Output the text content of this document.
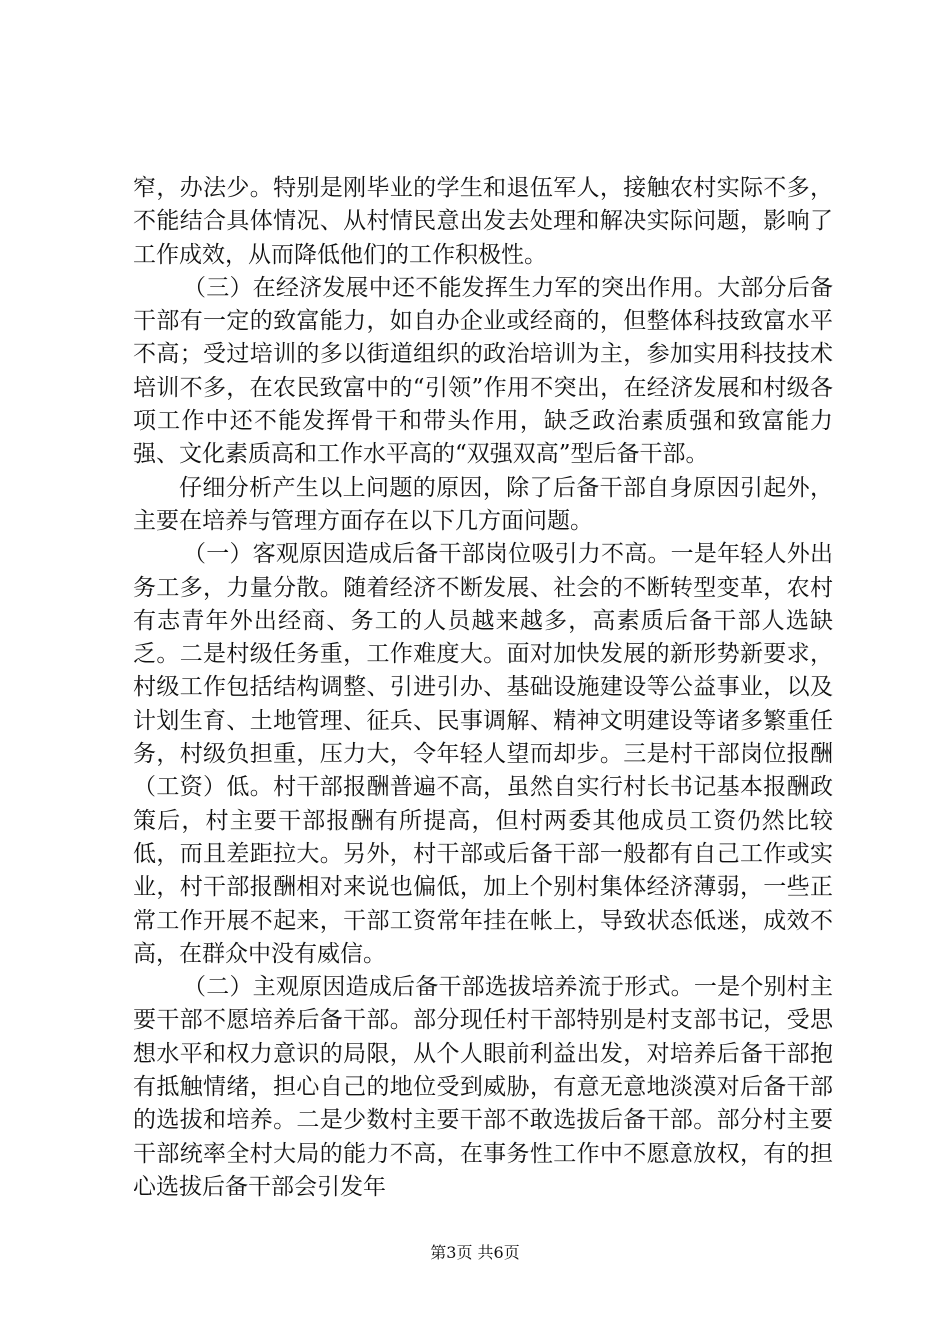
窄，办法少。特别是刚毕业的学生和退伍军人，接触农村实际不多，不能结合具体情况、从村情民意出发去处理和解决实际问题，影响了工作成效，从而降低他们的工作积极性。

（三）在经济发展中还不能发挥生力军的突出作用。大部分后备干部有一定的致富能力，如自办企业或经商的，但整体科技致富水平不高；受过培训的多以街道组织的政治培训为主，参加实用科技技术培训不多，在农民致富中的“引领”作用不突出，在经济发展和村级各项工作中还不能发挥骨干和带头作用，缺乏政治素质强和致富能力强、文化素质高和工作水平高的“双强双高”型后备干部。

仔细分析产生以上问题的原因，除了后备干部自身原因引起外，主要在培养与管理方面存在以下几方面问题。

（一）客观原因造成后备干部岗位吸引力不高。一是年轻人外出务工多，力量分散。随着经济不断发展、社会的不断转型变革，农村有志青年外出经商、务工的人员越来越多，高素质后备干部人选缺乏。二是村级任务重，工作难度大。面对加快发展的新形势新要求，村级工作包括结构调整、引进引办、基础设施建设等公益事业，以及计划生育、土地管理、征兵、民事调解、精神文明建设等诸多繁重任务，村级负担重，压力大，令年轻人望而却步。三是村干部岗位报酬（工资）低。村干部报酬普遍不高，虽然自实行村长书记基本报酬政策后，村主要干部报酬有所提高，但村两委其他成员工资仍然比较低，而且差距拉大。另外，村干部或后备干部一般都有自己工作或实业，村干部报酬相对来说也偏低，加上个别村集体经济薄弱，一些正常工作开展不起来，干部工资常年挂在帐上，导致状态低迷，成效不高，在群众中没有威信。

（二）主观原因造成后备干部选拔培养流于形式。一是个别村主要干部不愿培养后备干部。部分现任村干部特别是村支部书记，受思想水平和权力意识的局限，从个人眼前利益出发，对培养后备干部抱有抵触情绪，担心自己的地位受到威胁，有意无意地淡漠对后备干部的选拔和培养。二是少数村主要干部不敢选拔后备干部。部分村主要干部统率全村大局的能力不高，在事务性工作中不愿意放权，有的担心选拔后备干部会引发年

第3页 共6页
